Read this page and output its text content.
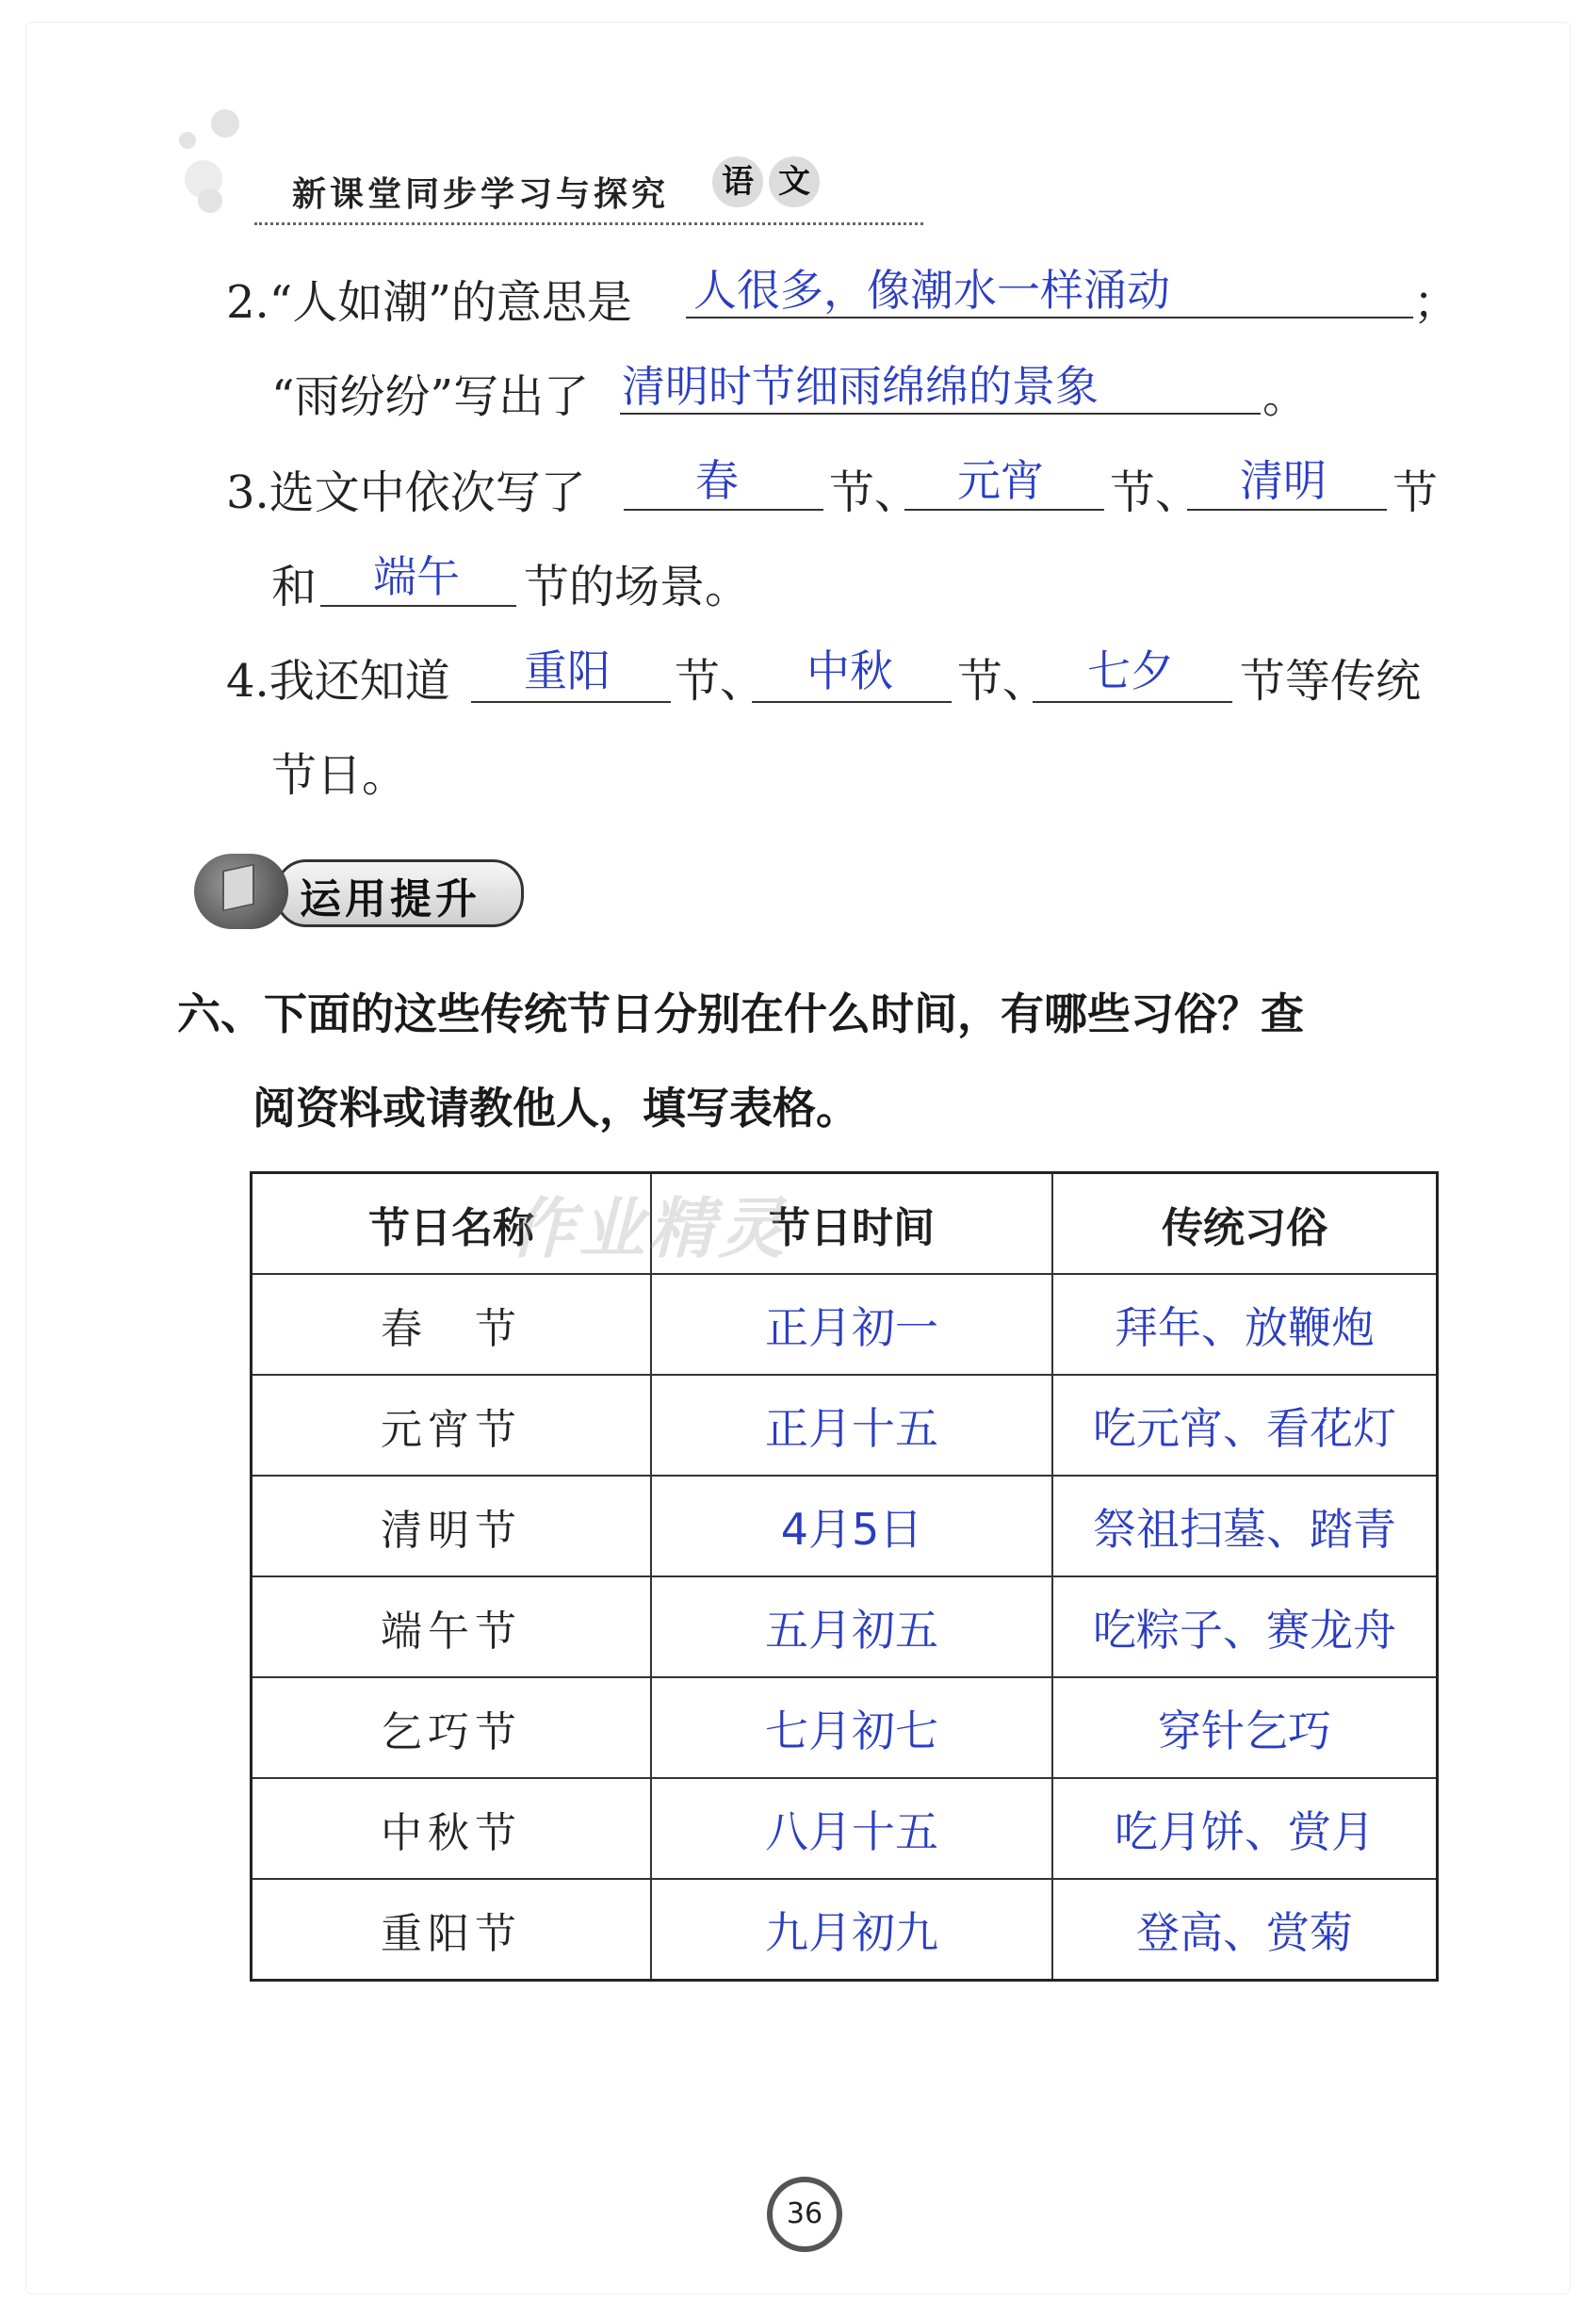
新课堂同步学习与探究 语 文
2.“人如潮”的意思是 人很多，像潮水一样涌动	；
“雨纷纷”写出了 清明时节细雨绵绵的景象	。
3.选文中依次写了	春 节、 元宵 节、 清明 节
和 端午 节的场景。
4.我还知道 重阳 节、 中秋 节、 七夕 节等传统
节日。
运用提升
六、下面的这些传统节日分别在什么时间，有哪些习俗？查
阅资料或请教他人，填写表格。
节日名称	节日时间	传统习俗
春　节	正月初一	拜年、放鞭炮
元宵节	正月十五	吃元宵、看花灯
清明节	4月5日	祭祖扫墓、踏青
端午节	五月初五	吃粽子、赛龙舟
乞巧节	七月初七	穿针乞巧
中秋节	八月十五	吃月饼、赏月
重阳节	九月初九	登高、赏菊
作业精灵
36
